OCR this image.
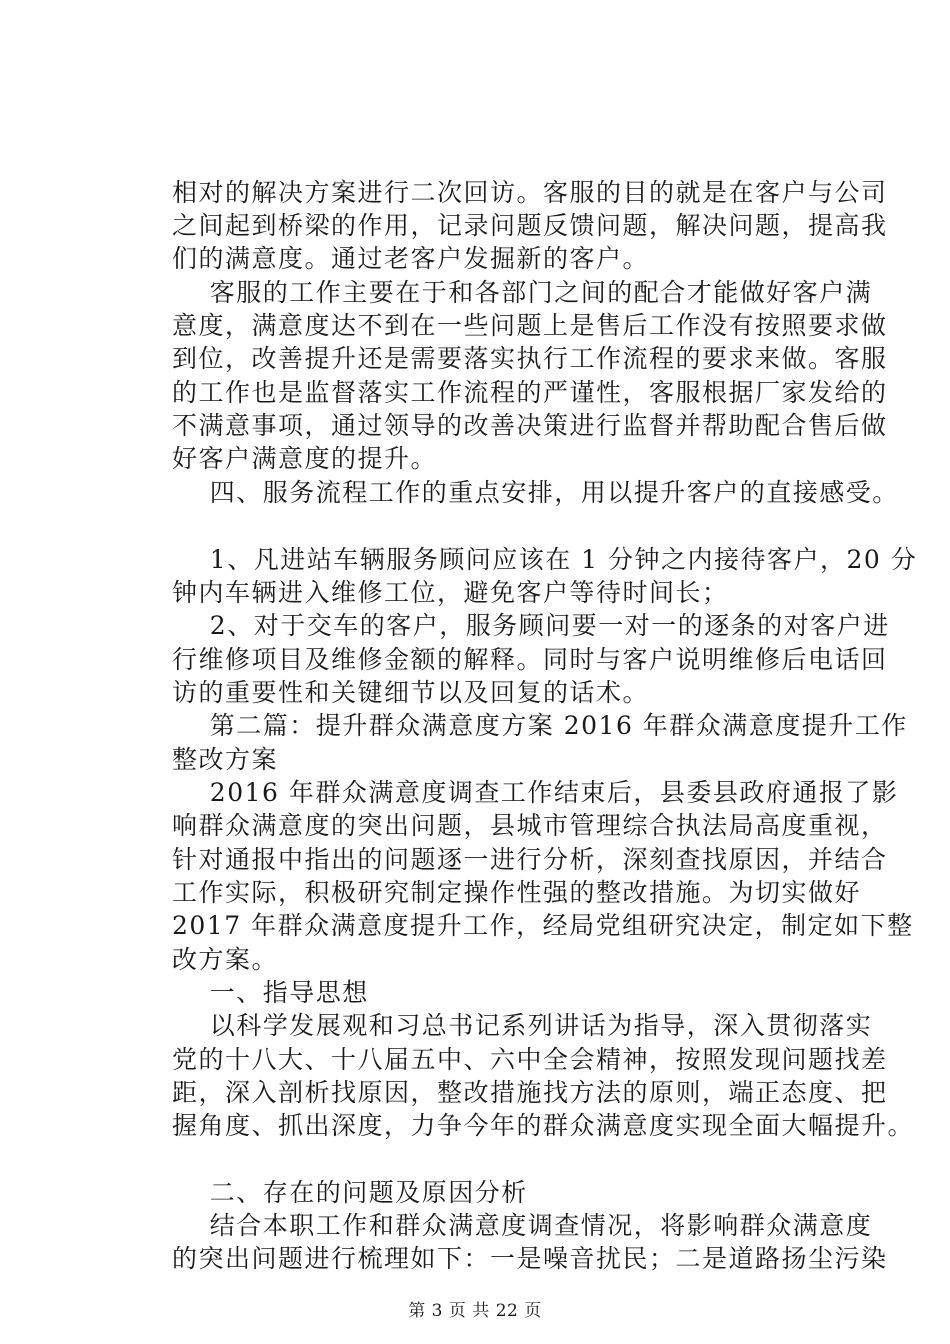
相对的解决方案进行二次回访。客服的目的就是在客户与公司
之间起到桥梁的作用，记录问题反馈问题，解决问题，提高我
们的满意度。通过老客户发掘新的客户。
客服的工作主要在于和各部门之间的配合才能做好客户满
意度，满意度达不到在一些问题上是售后工作没有按照要求做
到位，改善提升还是需要落实执行工作流程的要求来做。客服
的工作也是监督落实工作流程的严谨性，客服根据厂家发给的
不满意事项，通过领导的改善决策进行监督并帮助配合售后做
好客户满意度的提升。
四、服务流程工作的重点安排，用以提升客户的直接感受。
1、凡进站车辆服务顾问应该在 1 分钟之内接待客户，20 分
钟内车辆进入维修工位，避免客户等待时间长；
2、对于交车的客户，服务顾问要一对一的逐条的对客户进
行维修项目及维修金额的解释。同时与客户说明维修后电话回
访的重要性和关键细节以及回复的话术。
第二篇：提升群众满意度方案 2016 年群众满意度提升工作
整改方案
2016 年群众满意度调查工作结束后，县委县政府通报了影
响群众满意度的突出问题，县城市管理综合执法局高度重视，
针对通报中指出的问题逐一进行分析，深刻查找原因，并结合
工作实际，积极研究制定操作性强的整改措施。为切实做好
2017 年群众满意度提升工作，经局党组研究决定，制定如下整
改方案。
一、指导思想
以科学发展观和习总书记系列讲话为指导，深入贯彻落实
党的十八大、十八届五中、六中全会精神，按照发现问题找差
距，深入剖析找原因，整改措施找方法的原则，端正态度、把
握角度、抓出深度，力争今年的群众满意度实现全面大幅提升。
二、存在的问题及原因分析
结合本职工作和群众满意度调查情况，将影响群众满意度
的突出问题进行梳理如下：一是噪音扰民；二是道路扬尘污染
第 3 页 共 22 页
